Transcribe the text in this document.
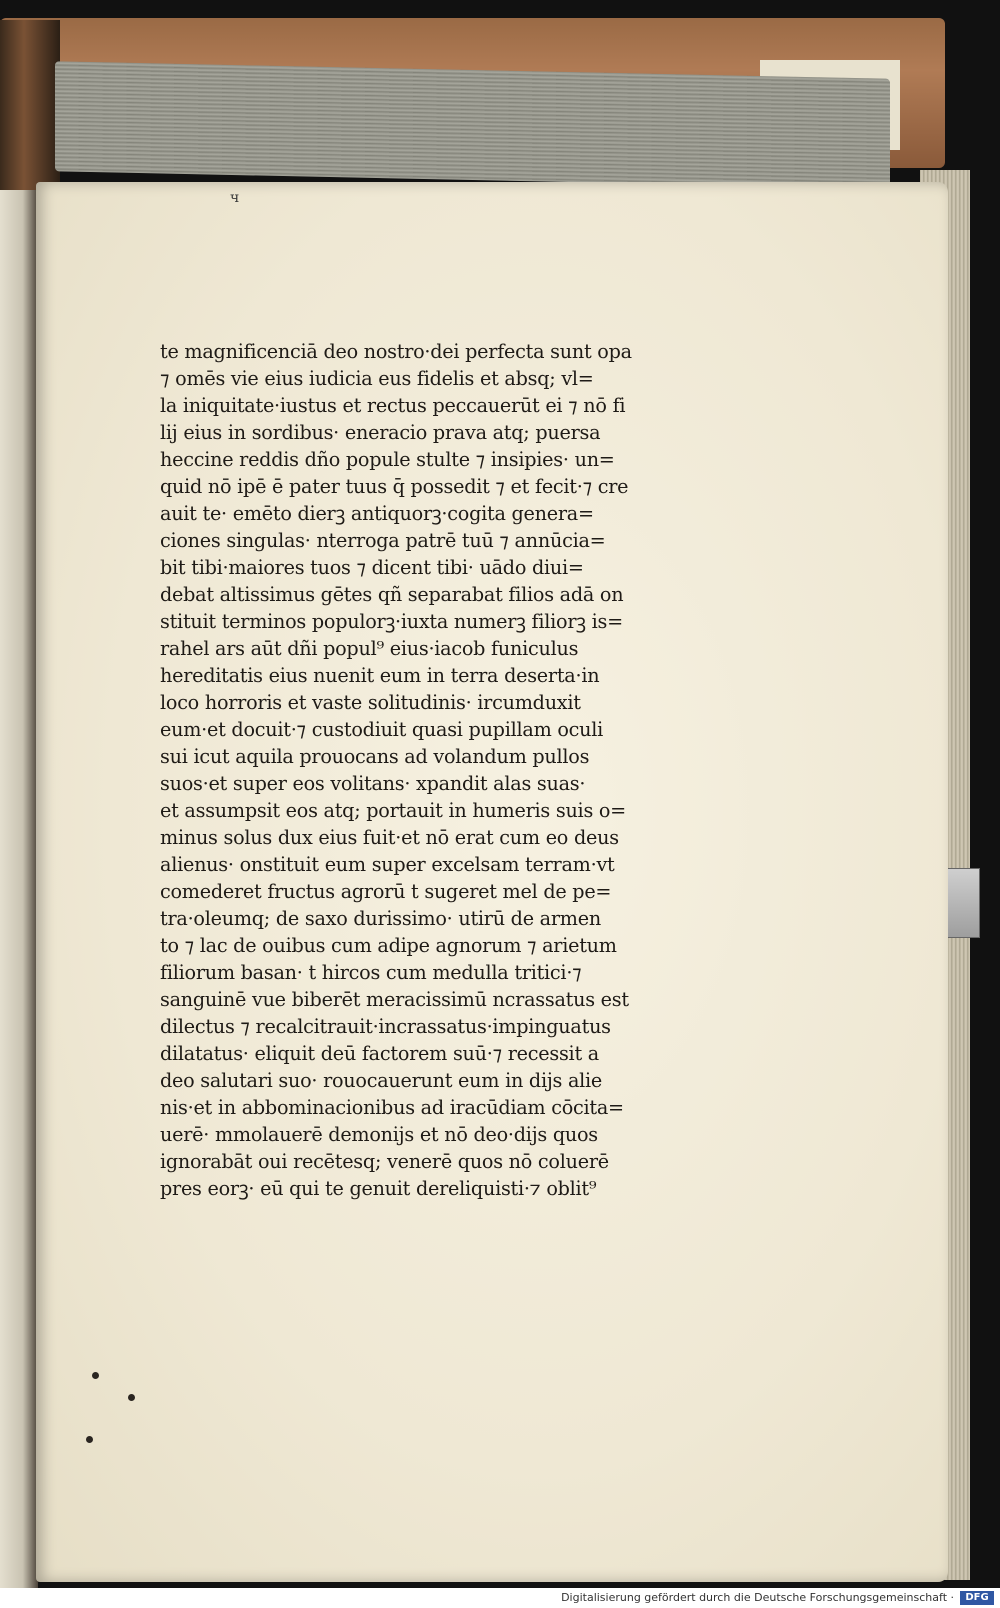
ч
te magnificenciā deo nostro·dei perfecta sunt opa
⁊ omēs vie eius iudicia eus fidelis et absq; vl=
la iniquitate·iustus et rectus peccauerūt ei ⁊ nō fi
lij eius in sordibus· eneracio prava atq; puersa
heccine reddis dño popule stulte ⁊ insipies· un=
quid nō ipē ē pater tuus q̄ possedit ⁊ et fecit·⁊ cre
auit te· emēto dierꝫ antiquorꝫ·cogita genera=
ciones singulas· nterroga patrē tuū ⁊ annūcia=
bit tibi·maiores tuos ⁊ dicent tibi· uādo diui=
debat altissimus gētes qñ separabat filios adā on
stituit terminos populorꝫ·iuxta numerꝫ filiorꝫ is=
rahel ars aūt dñi popul⁹ eius·iacob funiculus
hereditatis eius nuenit eum in terra deserta·in
loco horroris et vaste solitudinis· ircumduxit
eum·et docuit·⁊ custodiuit quasi pupillam oculi
sui icut aquila prouocans ad volandum pullos
suos·et super eos volitans· xpandit alas suas·
et assumpsit eos atq; portauit in humeris suis o=
minus solus dux eius fuit·et nō erat cum eo deus
alienus· onstituit eum super excelsam terram·vt
comederet fructus agrorū t sugeret mel de pe=
tra·oleumq; de saxo durissimo· utirū de armen
to ⁊ lac de ouibus cum adipe agnorum ⁊ arietum
filiorum basan· t hircos cum medulla tritici·⁊
sanguinē vue biberēt meracissimū ncrassatus est
dilectus ⁊ recalcitrauit·incrassatus·impinguatus
dilatatus· eliquit deū factorem suū·⁊ recessit a
deo salutari suo· rouocauerunt eum in dijs alie
nis·et in abbominacionibus ad iracūdiam cōcita=
uerē· mmolauerē demonijs et nō deo·dijs quos
ignorabāt oui recētesq; venerē quos nō coluerē
pres eorꝫ· eū qui te genuit dereliquisti·⁊ oblit⁹
Digitalisierung gefördert durch die Deutsche Forschungsgemeinschaft ·	DFG
